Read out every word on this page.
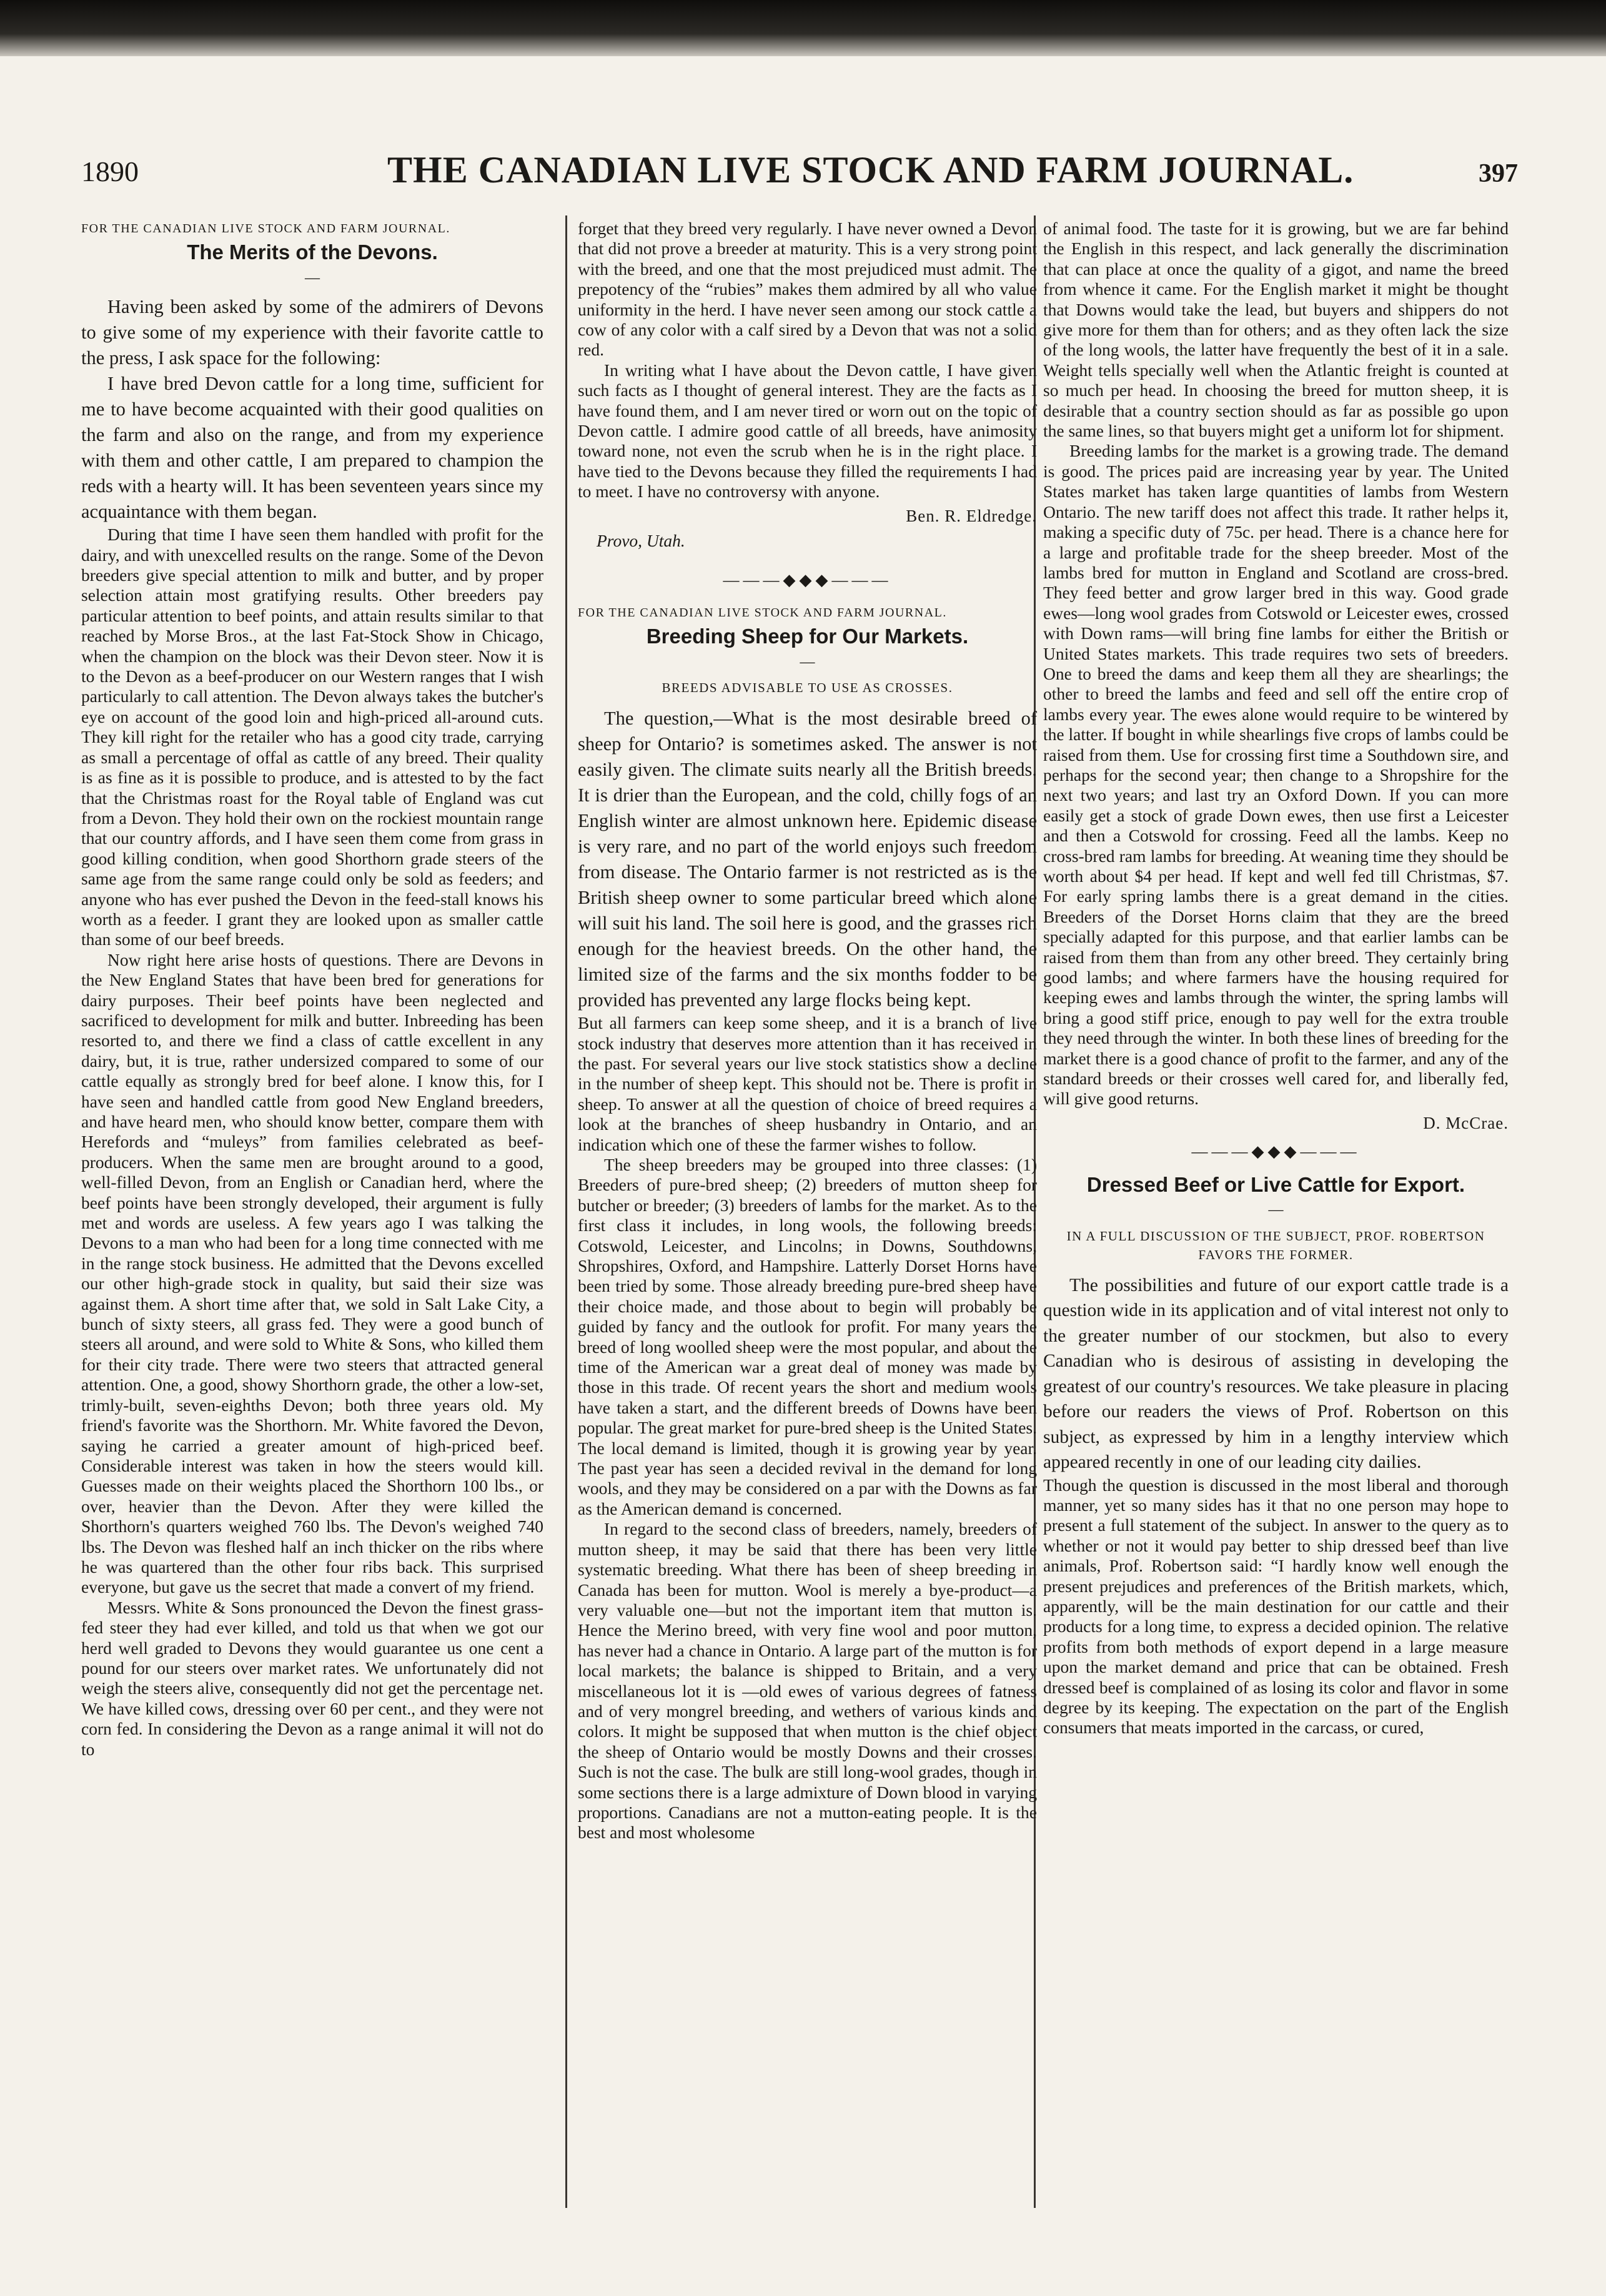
1890	THE CANADIAN LIVE STOCK AND FARM JOURNAL.	397
FOR THE CANADIAN LIVE STOCK AND FARM JOURNAL.
The Merits of the Devons.
—

Having been asked by some of the admirers of Devons to give some of my experience with their favorite cattle to the press, I ask space for the following:

I have bred Devon cattle for a long time, sufficient for me to have become acquainted with their good qualities on the farm and also on the range, and from my experience with them and other cattle, I am prepared to champion the reds with a hearty will. It has been seventeen years since my acquaintance with them began.

During that time I have seen them handled with profit for the dairy, and with unexcelled results on the range. Some of the Devon breeders give special attention to milk and butter, and by proper selection attain most gratifying results. Other breeders pay particular attention to beef points, and attain results similar to that reached by Morse Bros., at the last Fat-Stock Show in Chicago, when the champion on the block was their Devon steer. Now it is to the Devon as a beef-producer on our Western ranges that I wish particularly to call attention. The Devon always takes the butcher's eye on account of the good loin and high-priced all-around cuts. They kill right for the retailer who has a good city trade, carrying as small a percentage of offal as cattle of any breed. Their quality is as fine as it is possible to produce, and is attested to by the fact that the Christmas roast for the Royal table of England was cut from a Devon. They hold their own on the rockiest mountain range that our country affords, and I have seen them come from grass in good killing condition, when good Shorthorn grade steers of the same age from the same range could only be sold as feeders; and anyone who has ever pushed the Devon in the feed-stall knows his worth as a feeder. I grant they are looked upon as smaller cattle than some of our beef breeds.

Now right here arise hosts of questions. There are Devons in the New England States that have been bred for generations for dairy purposes. Their beef points have been neglected and sacrificed to development for milk and butter. Inbreeding has been resorted to, and there we find a class of cattle excellent in any dairy, but, it is true, rather undersized compared to some of our cattle equally as strongly bred for beef alone. I know this, for I have seen and handled cattle from good New England breeders, and have heard men, who should know better, compare them with Herefords and “muleys” from families celebrated as beef-producers. When the same men are brought around to a good, well-filled Devon, from an English or Canadian herd, where the beef points have been strongly developed, their argument is fully met and words are useless. A few years ago I was talking the Devons to a man who had been for a long time connected with me in the range stock business. He admitted that the Devons excelled our other high-grade stock in quality, but said their size was against them. A short time after that, we sold in Salt Lake City, a bunch of sixty steers, all grass fed. They were a good bunch of steers all around, and were sold to White & Sons, who killed them for their city trade. There were two steers that attracted general attention. One, a good, showy Shorthorn grade, the other a low-set, trimly-built, seven-eighths Devon; both three years old. My friend's favorite was the Shorthorn. Mr. White favored the Devon, saying he carried a greater amount of high-priced beef. Considerable interest was taken in how the steers would kill. Guesses made on their weights placed the Shorthorn 100 lbs., or over, heavier than the Devon. After they were killed the Shorthorn's quarters weighed 760 lbs. The Devon's weighed 740 lbs. The Devon was fleshed half an inch thicker on the ribs where he was quartered than the other four ribs back. This surprised everyone, but gave us the secret that made a convert of my friend.

Messrs. White & Sons pronounced the Devon the finest grass-fed steer they had ever killed, and told us that when we got our herd well graded to Devons they would guarantee us one cent a pound for our steers over market rates. We unfortunately did not weigh the steers alive, consequently did not get the percentage net. We have killed cows, dressing over 60 per cent., and they were not corn fed. In considering the Devon as a range animal it will not do to

forget that they breed very regularly. I have never owned a Devon that did not prove a breeder at maturity. This is a very strong point with the breed, and one that the most prejudiced must admit. The prepotency of the “rubies” makes them admired by all who value uniformity in the herd. I have never seen among our stock cattle a cow of any color with a calf sired by a Devon that was not a solid red.

In writing what I have about the Devon cattle, I have given such facts as I thought of general interest. They are the facts as I have found them, and I am never tired or worn out on the topic of Devon cattle. I admire good cattle of all breeds, have animosity toward none, not even the scrub when he is in the right place. I have tied to the Devons because they filled the requirements I had to meet. I have no controversy with anyone.

Ben. R. Eldredge.
Provo, Utah.
———◆◆◆———
FOR THE CANADIAN LIVE STOCK AND FARM JOURNAL.
Breeding Sheep for Our Markets.
—
BREEDS ADVISABLE TO USE AS CROSSES.

The question,—What is the most desirable breed of sheep for Ontario? is sometimes asked. The answer is not easily given. The climate suits nearly all the British breeds. It is drier than the European, and the cold, chilly fogs of an English winter are almost unknown here. Epidemic disease is very rare, and no part of the world enjoys such freedom from disease. The Ontario farmer is not restricted as is the British sheep owner to some particular breed which alone will suit his land. The soil here is good, and the grasses rich enough for the heaviest breeds. On the other hand, the limited size of the farms and the six months fodder to be provided has prevented any large flocks being kept.

But all farmers can keep some sheep, and it is a branch of live stock industry that deserves more attention than it has received in the past. For several years our live stock statistics show a decline in the number of sheep kept. This should not be. There is profit in sheep. To answer at all the question of choice of breed requires a look at the branches of sheep husbandry in Ontario, and an indication which one of these the farmer wishes to follow.

The sheep breeders may be grouped into three classes: (1) Breeders of pure-bred sheep; (2) breeders of mutton sheep for butcher or breeder; (3) breeders of lambs for the market. As to the first class it includes, in long wools, the following breeds: Cotswold, Leicester, and Lincolns; in Downs, Southdowns, Shropshires, Oxford, and Hampshire. Latterly Dorset Horns have been tried by some. Those already breeding pure-bred sheep have their choice made, and those about to begin will probably be guided by fancy and the outlook for profit. For many years the breed of long woolled sheep were the most popular, and about the time of the American war a great deal of money was made by those in this trade. Of recent years the short and medium wools have taken a start, and the different breeds of Downs have been popular. The great market for pure-bred sheep is the United States. The local demand is limited, though it is growing year by year. The past year has seen a decided revival in the demand for long wools, and they may be considered on a par with the Downs as far as the American demand is concerned.

In regard to the second class of breeders, namely, breeders of mutton sheep, it may be said that there has been very little systematic breeding. What there has been of sheep breeding in Canada has been for mutton. Wool is merely a bye-product—a very valuable one—but not the important item that mutton is. Hence the Merino breed, with very fine wool and poor mutton, has never had a chance in Ontario. A large part of the mutton is for local markets; the balance is shipped to Britain, and a very miscellaneous lot it is —old ewes of various degrees of fatness and of very mongrel breeding, and wethers of various kinds and colors. It might be supposed that when mutton is the chief object the sheep of Ontario would be mostly Downs and their crosses. Such is not the case. The bulk are still long-wool grades, though in some sections there is a large admixture of Down blood in varying proportions. Canadians are not a mutton-eating people. It is the best and most wholesome

of animal food. The taste for it is growing, but we are far behind the English in this respect, and lack generally the discrimination that can place at once the quality of a gigot, and name the breed from whence it came. For the English market it might be thought that Downs would take the lead, but buyers and shippers do not give more for them than for others; and as they often lack the size of the long wools, the latter have frequently the best of it in a sale. Weight tells specially well when the Atlantic freight is counted at so much per head. In choosing the breed for mutton sheep, it is desirable that a country section should as far as possible go upon the same lines, so that buyers might get a uniform lot for shipment.

Breeding lambs for the market is a growing trade. The demand is good. The prices paid are increasing year by year. The United States market has taken large quantities of lambs from Western Ontario. The new tariff does not affect this trade. It rather helps it, making a specific duty of 75c. per head. There is a chance here for a large and profitable trade for the sheep breeder. Most of the lambs bred for mutton in England and Scotland are cross-bred. They feed better and grow larger bred in this way. Good grade ewes—long wool grades from Cotswold or Leicester ewes, crossed with Down rams—will bring fine lambs for either the British or United States markets. This trade requires two sets of breeders. One to breed the dams and keep them all they are shearlings; the other to breed the lambs and feed and sell off the entire crop of lambs every year. The ewes alone would require to be wintered by the latter. If bought in while shearlings five crops of lambs could be raised from them. Use for crossing first time a Southdown sire, and perhaps for the second year; then change to a Shropshire for the next two years; and last try an Oxford Down. If you can more easily get a stock of grade Down ewes, then use first a Leicester and then a Cotswold for crossing. Feed all the lambs. Keep no cross-bred ram lambs for breeding. At weaning time they should be worth about $4 per head. If kept and well fed till Christmas, $7. For early spring lambs there is a great demand in the cities. Breeders of the Dorset Horns claim that they are the breed specially adapted for this purpose, and that earlier lambs can be raised from them than from any other breed. They certainly bring good lambs; and where farmers have the housing required for keeping ewes and lambs through the winter, the spring lambs will bring a good stiff price, enough to pay well for the extra trouble they need through the winter. In both these lines of breeding for the market there is a good chance of profit to the farmer, and any of the standard breeds or their crosses well cared for, and liberally fed, will give good returns.

D. McCrae.
———◆◆◆———
Dressed Beef or Live Cattle for Export.
—
IN A FULL DISCUSSION OF THE SUBJECT, PROF. ROBERTSON FAVORS THE FORMER.

The possibilities and future of our export cattle trade is a question wide in its application and of vital interest not only to the greater number of our stockmen, but also to every Canadian who is desirous of assisting in developing the greatest of our country's resources. We take pleasure in placing before our readers the views of Prof. Robertson on this subject, as expressed by him in a lengthy interview which appeared recently in one of our leading city dailies.

Though the question is discussed in the most liberal and thorough manner, yet so many sides has it that no one person may hope to present a full statement of the subject. In answer to the query as to whether or not it would pay better to ship dressed beef than live animals, Prof. Robertson said: “I hardly know well enough the present prejudices and preferences of the British markets, which, apparently, will be the main destination for our cattle and their products for a long time, to express a decided opinion. The relative profits from both methods of export depend in a large measure upon the market demand and price that can be obtained. Fresh dressed beef is complained of as losing its color and flavor in some degree by its keeping. The expectation on the part of the English consumers that meats imported in the carcass, or cured,
